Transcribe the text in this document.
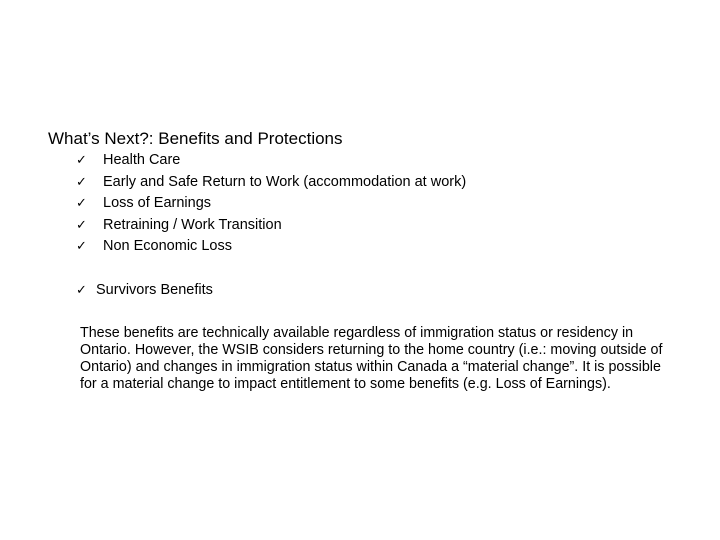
What’s Next?: Benefits and Protections
✓	Health Care
✓	Early and Safe Return to Work (accommodation at work)
✓	Loss of Earnings
✓	Retraining / Work Transition
✓	Non Economic Loss
✓ Survivors Benefits

These benefits are technically available regardless of immigration status or residency in Ontario. However, the WSIB considers returning to the home country (i.e.: moving outside of Ontario) and changes in immigration status within Canada a “material change”. It is possible for a material change to impact entitlement to some benefits (e.g. Loss of Earnings).
